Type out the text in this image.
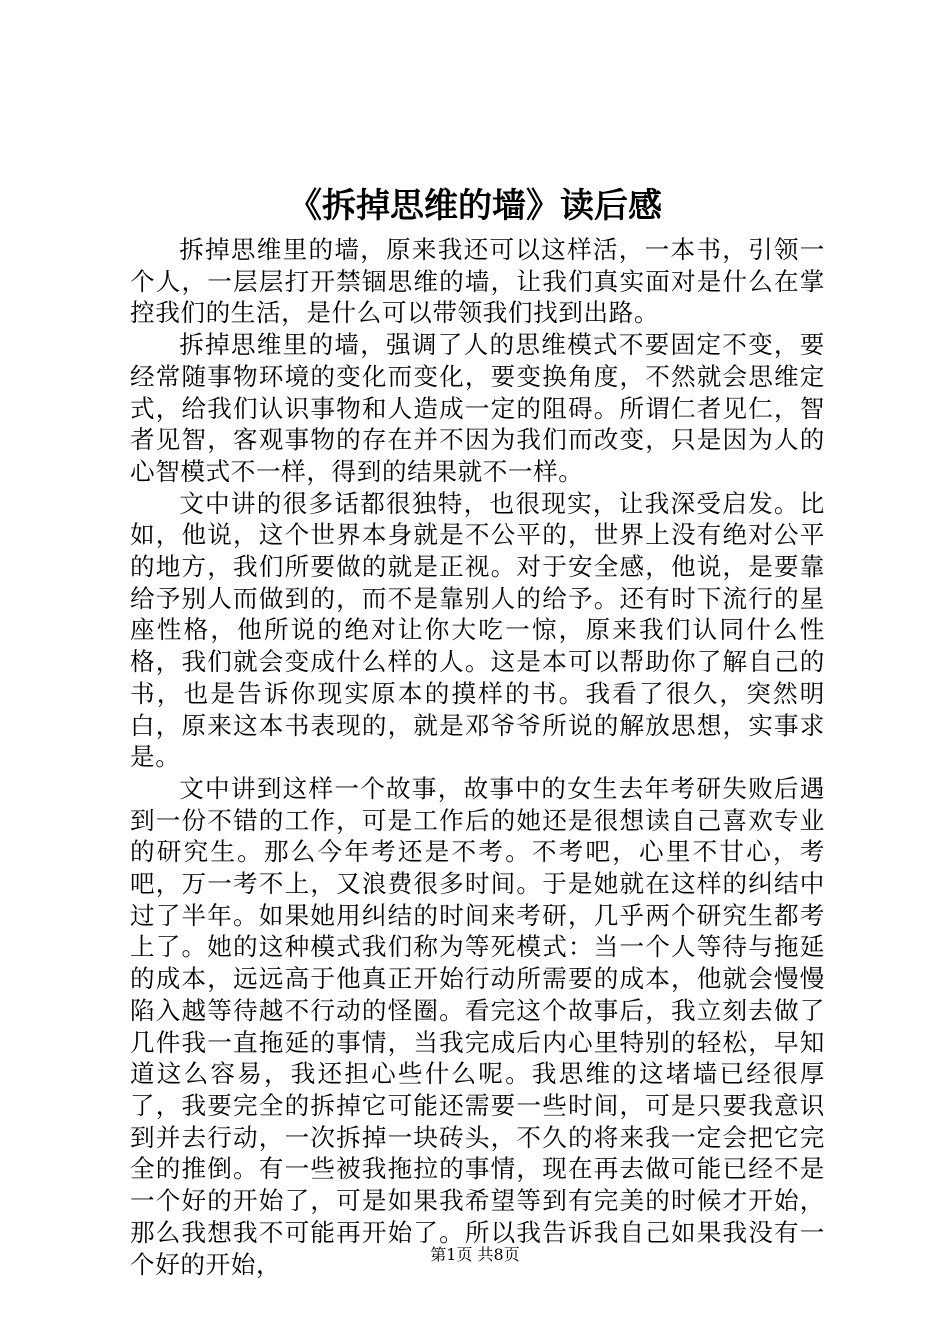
《拆掉思维的墙》读后感

拆掉思维里的墙，原来我还可以这样活，一本书，引领一个人，一层层打开禁锢思维的墙，让我们真实面对是什么在掌控我们的生活，是什么可以带领我们找到出路。

拆掉思维里的墙，强调了人的思维模式不要固定不变，要经常随事物环境的变化而变化，要变换角度，不然就会思维定式，给我们认识事物和人造成一定的阻碍。所谓仁者见仁，智者见智，客观事物的存在并不因为我们而改变，只是因为人的心智模式不一样，得到的结果就不一样。

文中讲的很多话都很独特，也很现实，让我深受启发。比如，他说，这个世界本身就是不公平的，世界上没有绝对公平的地方，我们所要做的就是正视。对于安全感，他说，是要靠给予别人而做到的，而不是靠别人的给予。还有时下流行的星座性格，他所说的绝对让你大吃一惊，原来我们认同什么性格，我们就会变成什么样的人。这是本可以帮助你了解自己的书，也是告诉你现实原本的摸样的书。我看了很久，突然明白，原来这本书表现的，就是邓爷爷所说的解放思想，实事求是。

文中讲到这样一个故事，故事中的女生去年考研失败后遇到一份不错的工作，可是工作后的她还是很想读自己喜欢专业的研究生。那么今年考还是不考。不考吧，心里不甘心，考吧，万一考不上，又浪费很多时间。于是她就在这样的纠结中过了半年。如果她用纠结的时间来考研，几乎两个研究生都考上了。她的这种模式我们称为等死模式：当一个人等待与拖延的成本，远远高于他真正开始行动所需要的成本，他就会慢慢陷入越等待越不行动的怪圈。看完这个故事后，我立刻去做了几件我一直拖延的事情，当我完成后内心里特别的轻松，早知道这么容易，我还担心些什么呢。我思维的这堵墙已经很厚了，我要完全的拆掉它可能还需要一些时间，可是只要我意识到并去行动，一次拆掉一块砖头，不久的将来我一定会把它完全的推倒。有一些被我拖拉的事情，现在再去做可能已经不是一个好的开始了，可是如果我希望等到有完美的时候才开始，那么我想我不可能再开始了。所以我告诉我自己如果我没有一个好的开始，	第1页 共8页
